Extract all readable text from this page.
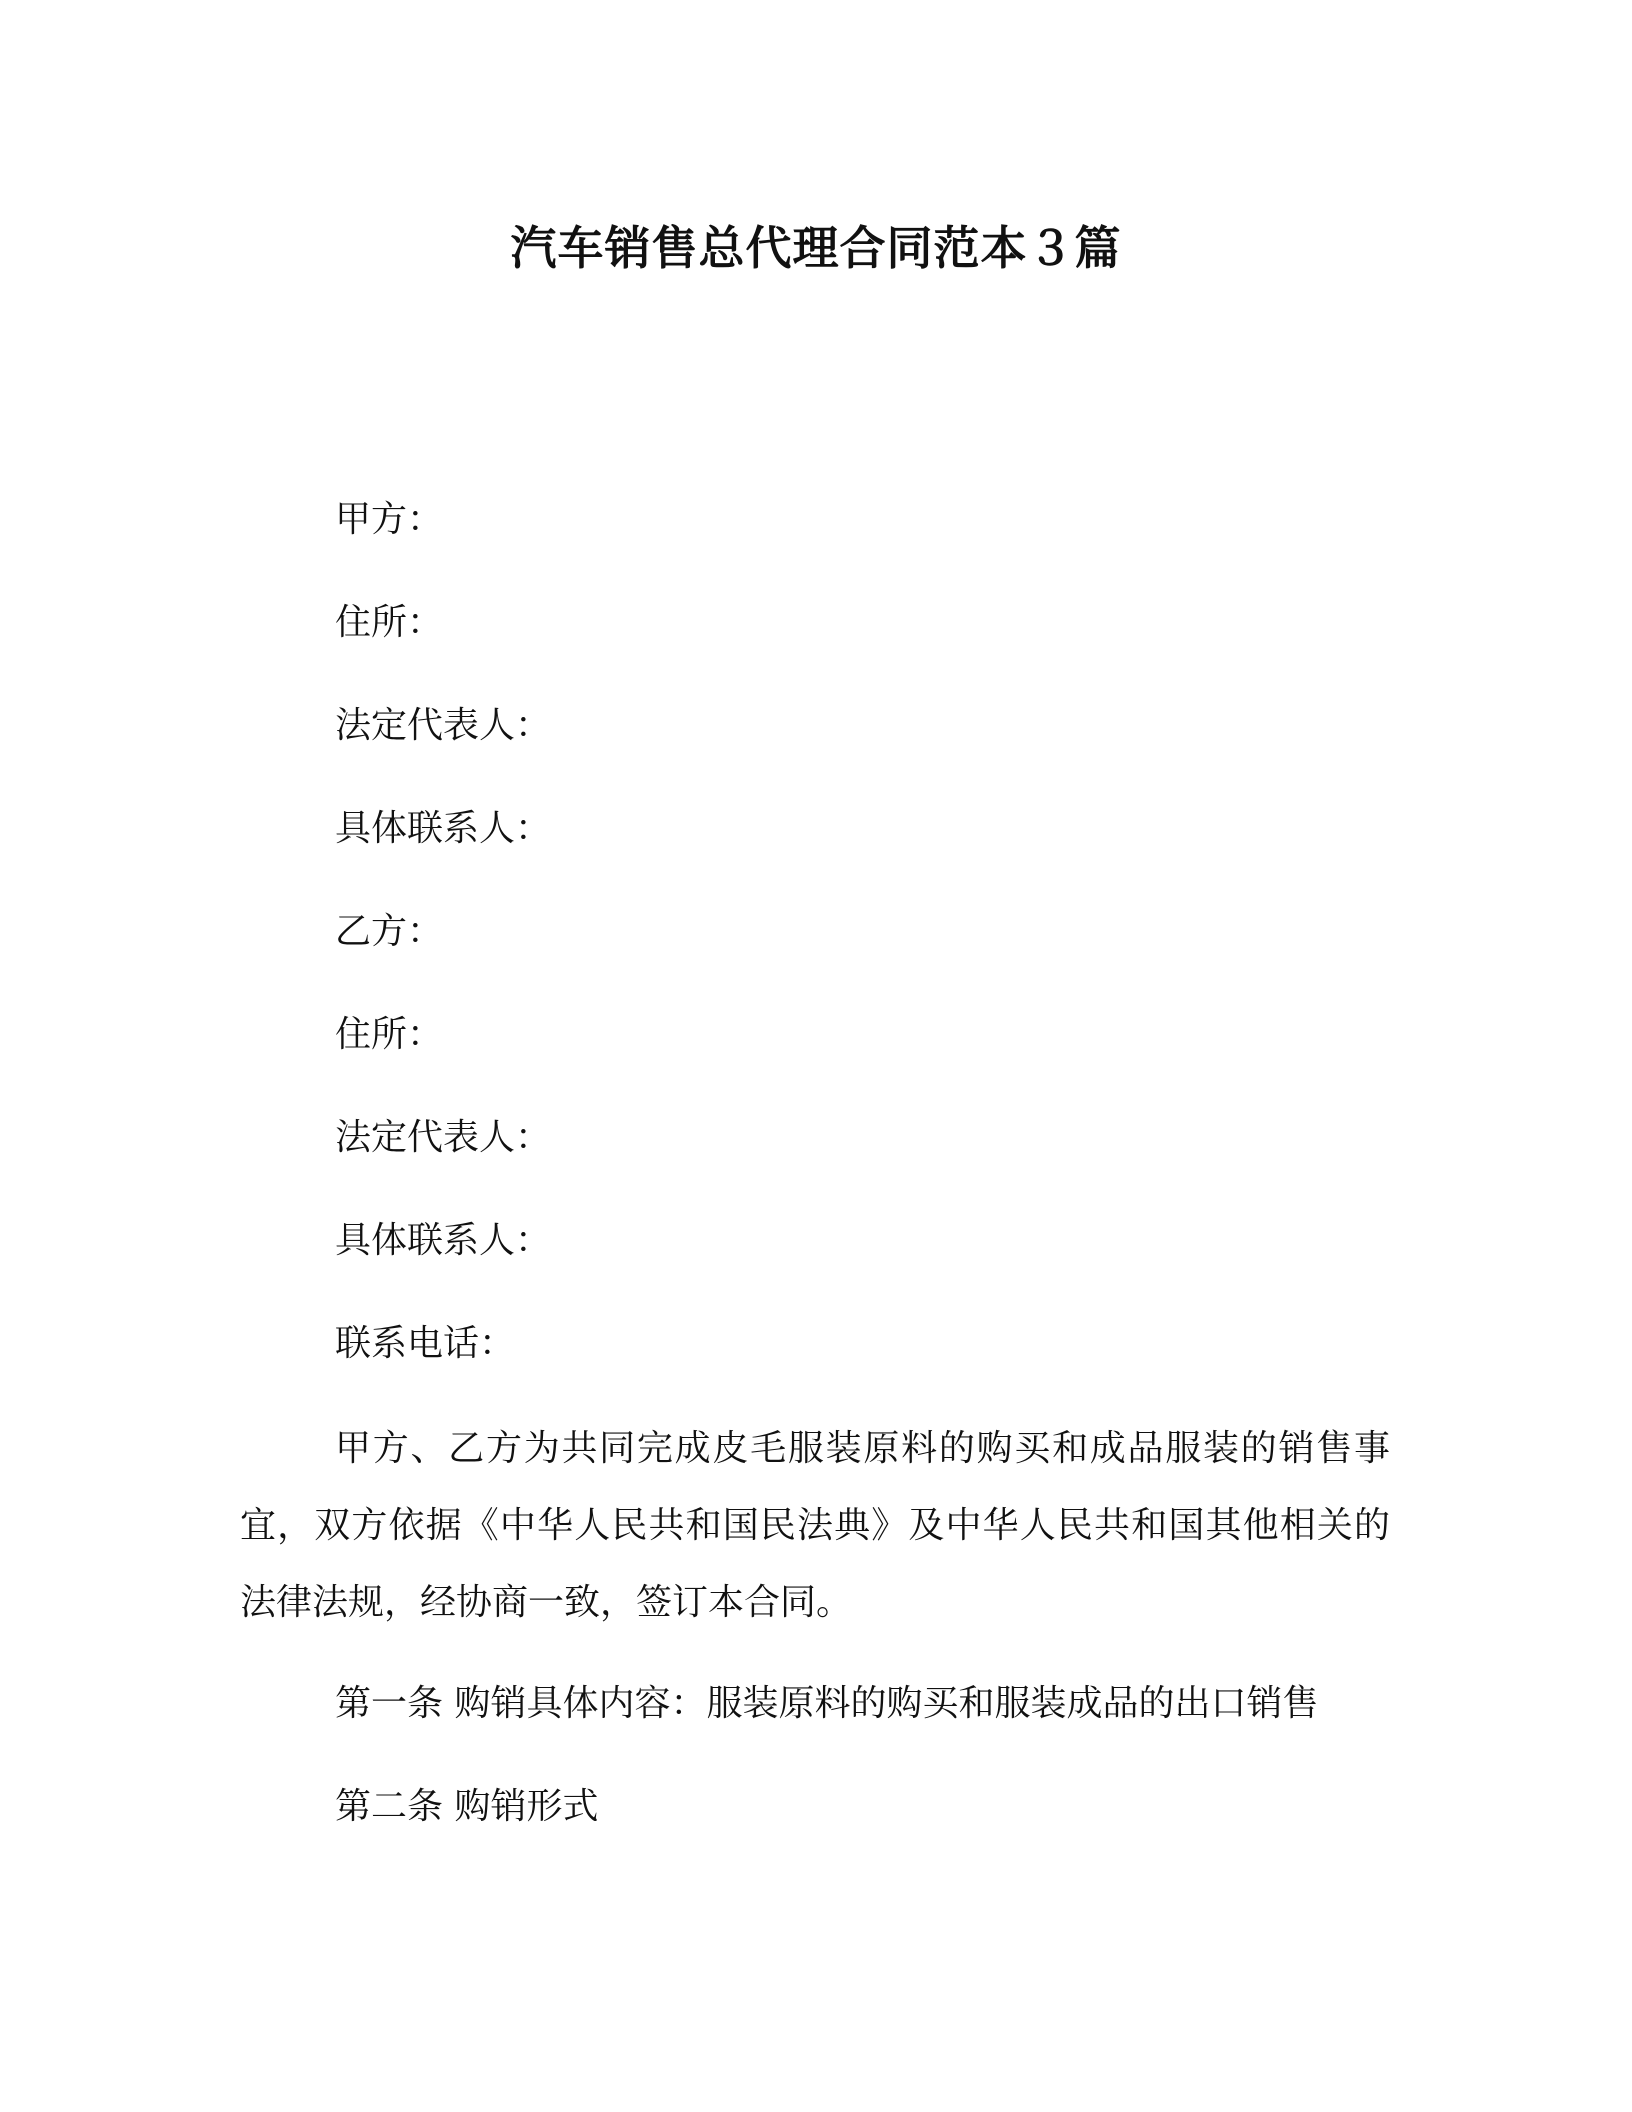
汽车销售总代理合同范本３篇
甲方：
住所：
法定代表人：
具体联系人：
乙方：
住所：
法定代表人：
具体联系人：
联系电话：
甲方、乙方为共同完成皮毛服装原料的购买和成品服装的销售事宜，双方依据《中华人民共和国民法典》及中华人民共和国其他相关的法律法规，经协商一致，签订本合同。
第一条 购销具体内容：服装原料的购买和服装成品的出口销售
第二条 购销形式
